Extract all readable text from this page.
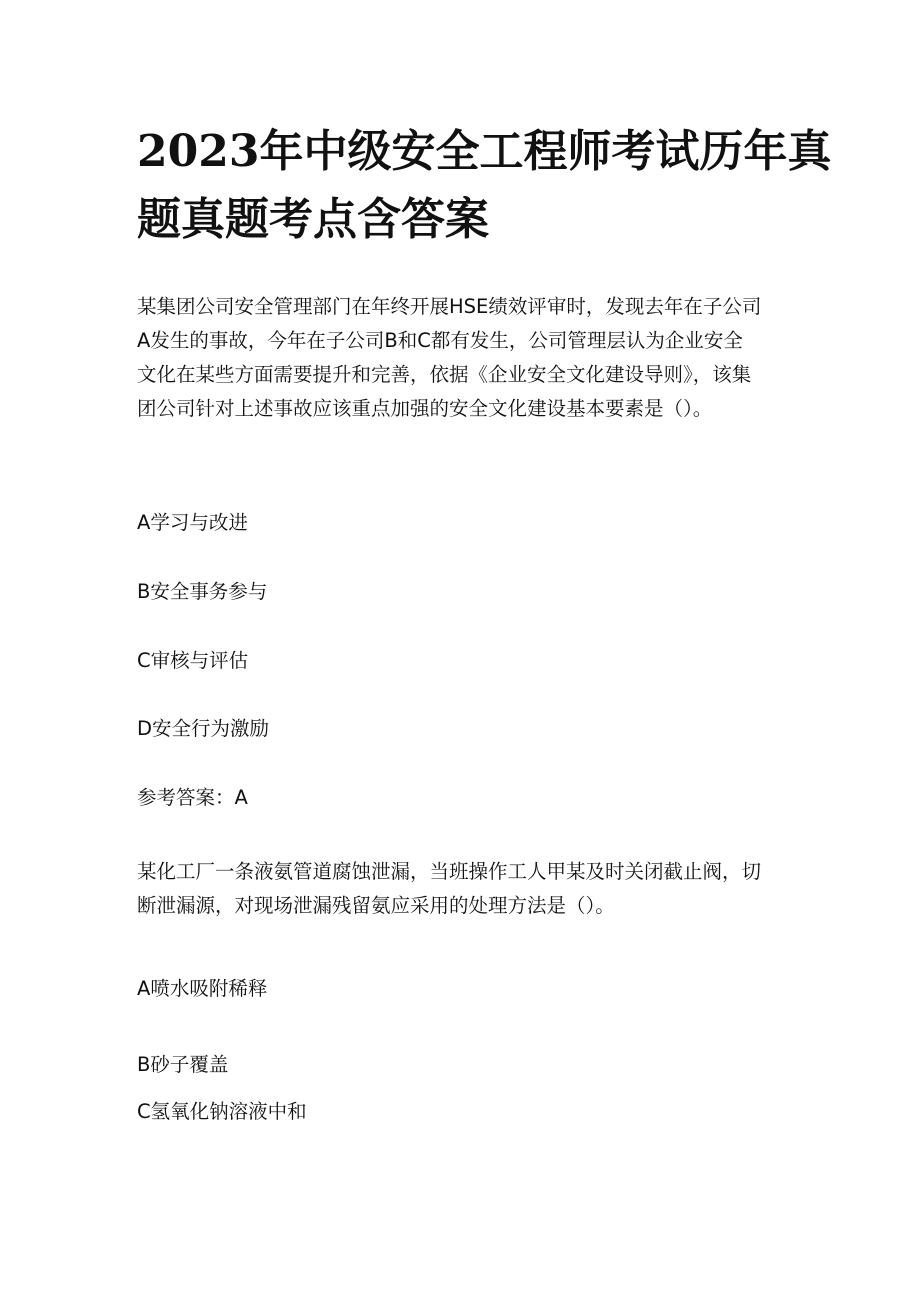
2023年中级安全工程师考试历年真
题真题考点含答案
某集团公司安全管理部门在年终开展HSE绩效评审时，发现去年在子公司
A发生的事故，今年在子公司B和C都有发生，公司管理层认为企业安全
文化在某些方面需要提升和完善，依据《企业安全文化建设导则》，该集
团公司针对上述事故应该重点加强的安全文化建设基本要素是（）。

A学习与改进

B安全事务参与

C审核与评估

D安全行为激励

参考答案：A

某化工厂一条液氨管道腐蚀泄漏，当班操作工人甲某及时关闭截止阀，切
断泄漏源，对现场泄漏残留氨应采用的处理方法是（）。

A喷水吸附稀释

B砂子覆盖

C氢氧化钠溶液中和
